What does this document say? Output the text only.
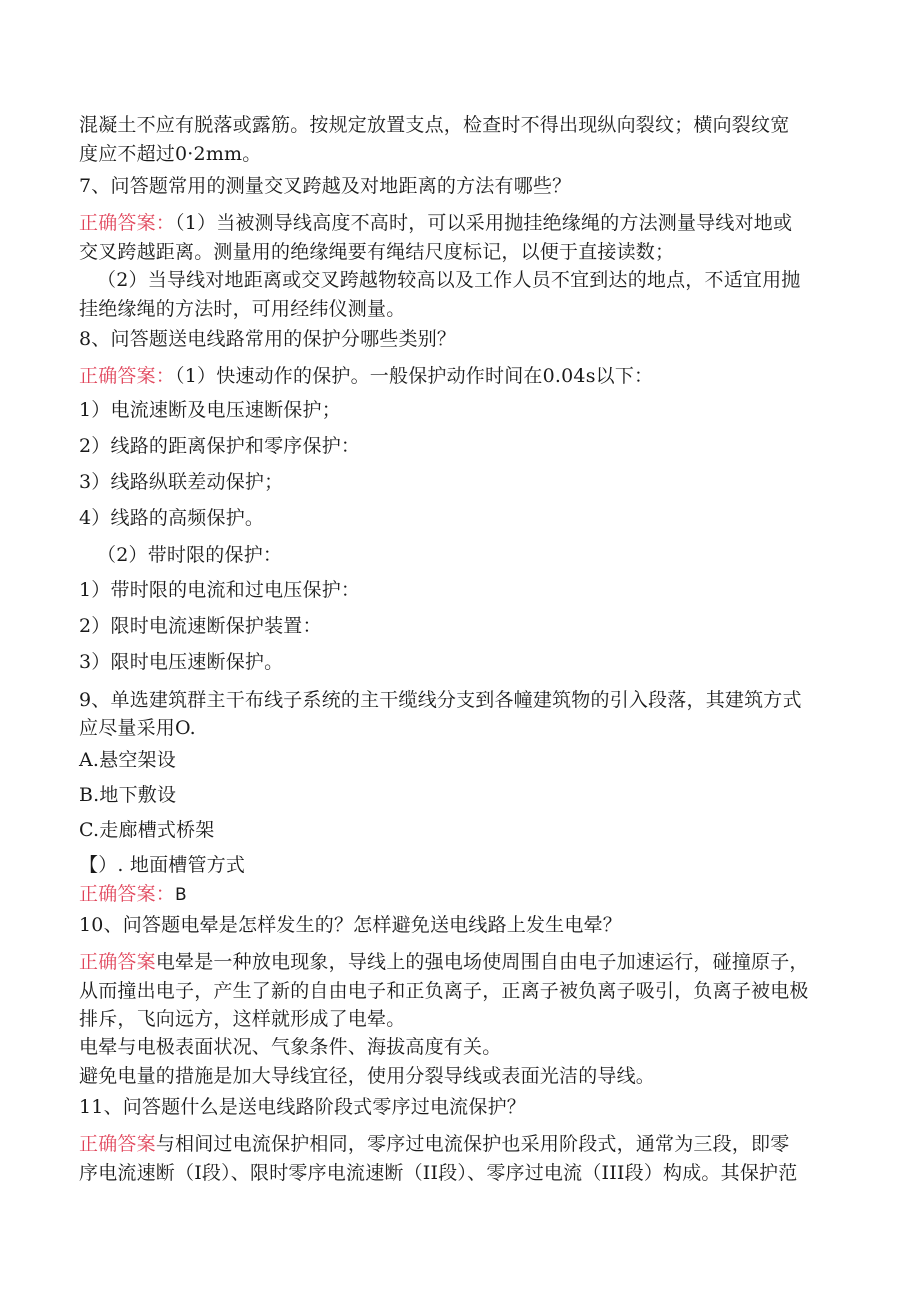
混凝土不应有脱落或露筋。按规定放置支点，检查时不得出现纵向裂纹；横向裂纹宽
度应不超过0·2mm。
7、问答题常用的测量交叉跨越及对地距离的方法有哪些？
正确答案：（1）当被测导线高度不高时，可以采用抛挂绝缘绳的方法测量导线对地或
交叉跨越距离。测量用的绝缘绳要有绳结尺度标记，以便于直接读数；
（2）当导线对地距离或交叉跨越物较高以及工作人员不宜到达的地点，不适宜用抛
挂绝缘绳的方法时，可用经纬仪测量。
8、问答题送电线路常用的保护分哪些类别？
正确答案：（1）快速动作的保护。一般保护动作时间在0.04s以下：
1）电流速断及电压速断保护；
2）线路的距离保护和零序保护：
3）线路纵联差动保护；
4）线路的高频保护。
（2）带时限的保护：
1）带时限的电流和过电压保护：
2）限时电流速断保护装置：
3）限时电压速断保护。
9、单选建筑群主干布线子系统的主干缆线分支到各幢建筑物的引入段落，其建筑方式
应尽量采用O.
A.悬空架设
B.地下敷设
C.走廊槽式桥架
【）. 地面槽管方式
正确答案：B
10、问答题电晕是怎样发生的？怎样避免送电线路上发生电晕？
正确答案电晕是一种放电现象，导线上的强电场使周围自由电子加速运行，碰撞原子，
从而撞出电子，产生了新的自由电子和正负离子，正离子被负离子吸引，负离子被电极
排斥，飞向远方，这样就形成了电晕。
电晕与电极表面状况、气象条件、海拔高度有关。
避免电量的措施是加大导线宜径，使用分裂导线或表面光洁的导线。
11、问答题什么是送电线路阶段式零序过电流保护？
正确答案与相间过电流保护相同，零序过电流保护也采用阶段式，通常为三段，即零
序电流速断（I段）、限时零序电流速断（II段）、零序过电流（III段）构成。其保护范
